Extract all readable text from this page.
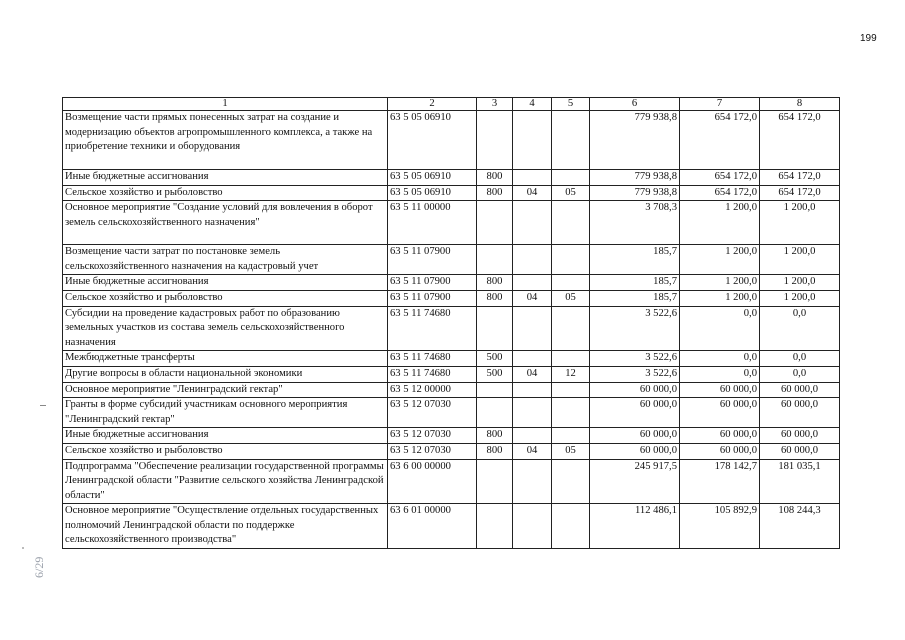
199
6/29
1	2	3	4	5	6	7	8
Возмещение части прямых понесенных затрат на создание и модернизацию объектов агропромышленного комплекса, а также на приобретение техники и оборудования	63 5 05 06910				779 938,8	654 172,0	654 172,0
Иные бюджетные ассигнования	63 5 05 06910	800			779 938,8	654 172,0	654 172,0
Сельское хозяйство и рыболовство	63 5 05 06910	800	04	05	779 938,8	654 172,0	654 172,0
Основное мероприятие "Создание условий для вовлечения в оборот земель сельскохозяйственного назначения"	63 5 11 00000				3 708,3	1 200,0	1 200,0
Возмещение части затрат по постановке земель сельскохозяйственного назначения на кадастровый учет	63 5 11 07900				185,7	1 200,0	1 200,0
Иные бюджетные ассигнования	63 5 11 07900	800			185,7	1 200,0	1 200,0
Сельское хозяйство и рыболовство	63 5 11 07900	800	04	05	185,7	1 200,0	1 200,0
Субсидии на проведение кадастровых работ по образованию земельных участков из состава земель сельскохозяйственного назначения	63 5 11 74680				3 522,6	0,0	0,0
Межбюджетные трансферты	63 5 11 74680	500			3 522,6	0,0	0,0
Другие вопросы в области национальной экономики	63 5 11 74680	500	04	12	3 522,6	0,0	0,0
Основное мероприятие "Ленинградский гектар"	63 5 12 00000				60 000,0	60 000,0	60 000,0
Гранты в форме субсидий участникам основного мероприятия "Ленинградский гектар"	63 5 12 07030				60 000,0	60 000,0	60 000,0
Иные бюджетные ассигнования	63 5 12 07030	800			60 000,0	60 000,0	60 000,0
Сельское хозяйство и рыболовство	63 5 12 07030	800	04	05	60 000,0	60 000,0	60 000,0
Подпрограмма "Обеспечение реализации государственной программы Ленинградской области "Развитие сельского хозяйства Ленинградской области"	63 6 00 00000				245 917,5	178 142,7	181 035,1
Основное мероприятие "Осуществление отдельных государственных полномочий Ленинградской области по поддержке сельскохозяйственного производства"	63 6 01 00000				112 486,1	105 892,9	108 244,3
